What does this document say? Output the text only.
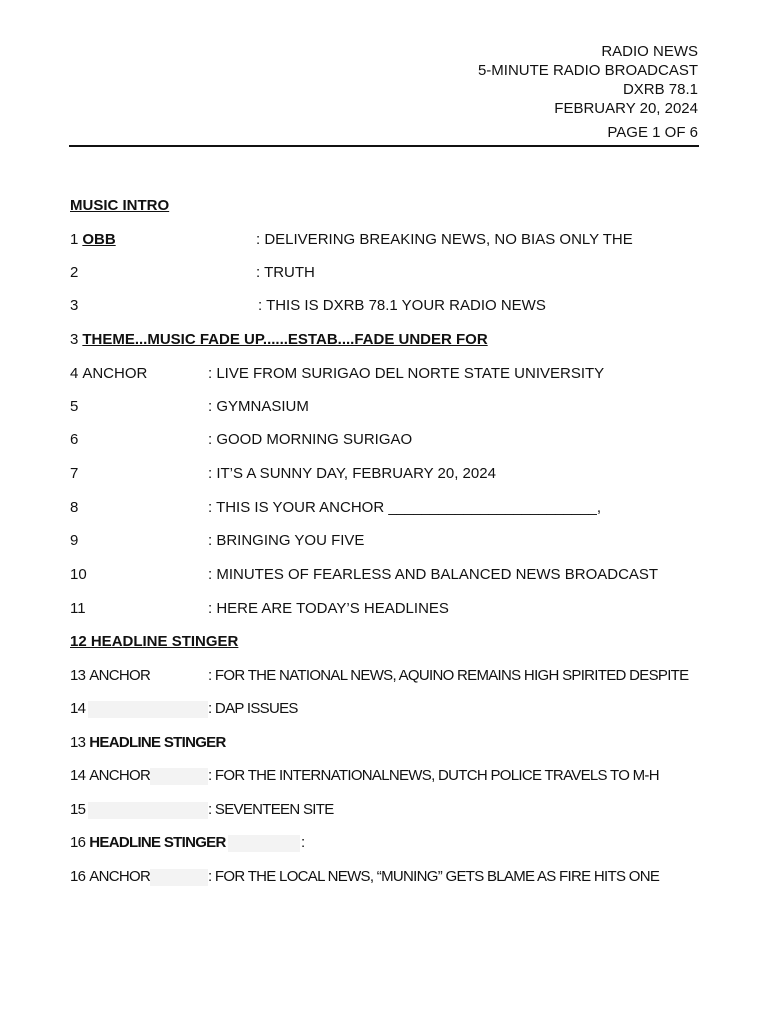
RADIO NEWS
5-MINUTE RADIO BROADCAST
DXRB 78.1
FEBRUARY 20, 2024
PAGE 1 OF 6
MUSIC INTRO
1 OBB	: DELIVERING BREAKING NEWS, NO BIAS ONLY THE
2	: TRUTH
3	: THIS IS DXRB 78.1 YOUR RADIO NEWS
3 THEME...MUSIC FADE UP......ESTAB....FADE UNDER FOR
4 ANCHOR	: LIVE FROM SURIGAO DEL NORTE STATE UNIVERSITY
5	: GYMNASIUM
6	: GOOD MORNING SURIGAO
7	: IT’S A SUNNY DAY, FEBRUARY 20, 2024
8	: THIS IS YOUR ANCHOR _________________________,
9	: BRINGING YOU FIVE
10	: MINUTES OF FEARLESS AND BALANCED NEWS BROADCAST
11	: HERE ARE TODAY’S HEADLINES
12 HEADLINE STINGER
13 ANCHOR	: FOR THE NATIONAL NEWS, AQUINO REMAINS HIGH SPIRITED DESPITE
14	: DAP ISSUES
13 HEADLINE STINGER
14 ANCHOR	: FOR THE INTERNATIONALNEWS, DUTCH POLICE TRAVELS TO M-H
15	: SEVENTEEN SITE
16 HEADLINE STINGER	:
16 ANCHOR	: FOR THE LOCAL NEWS, “MUNING” GETS BLAME AS FIRE HITS ONE
